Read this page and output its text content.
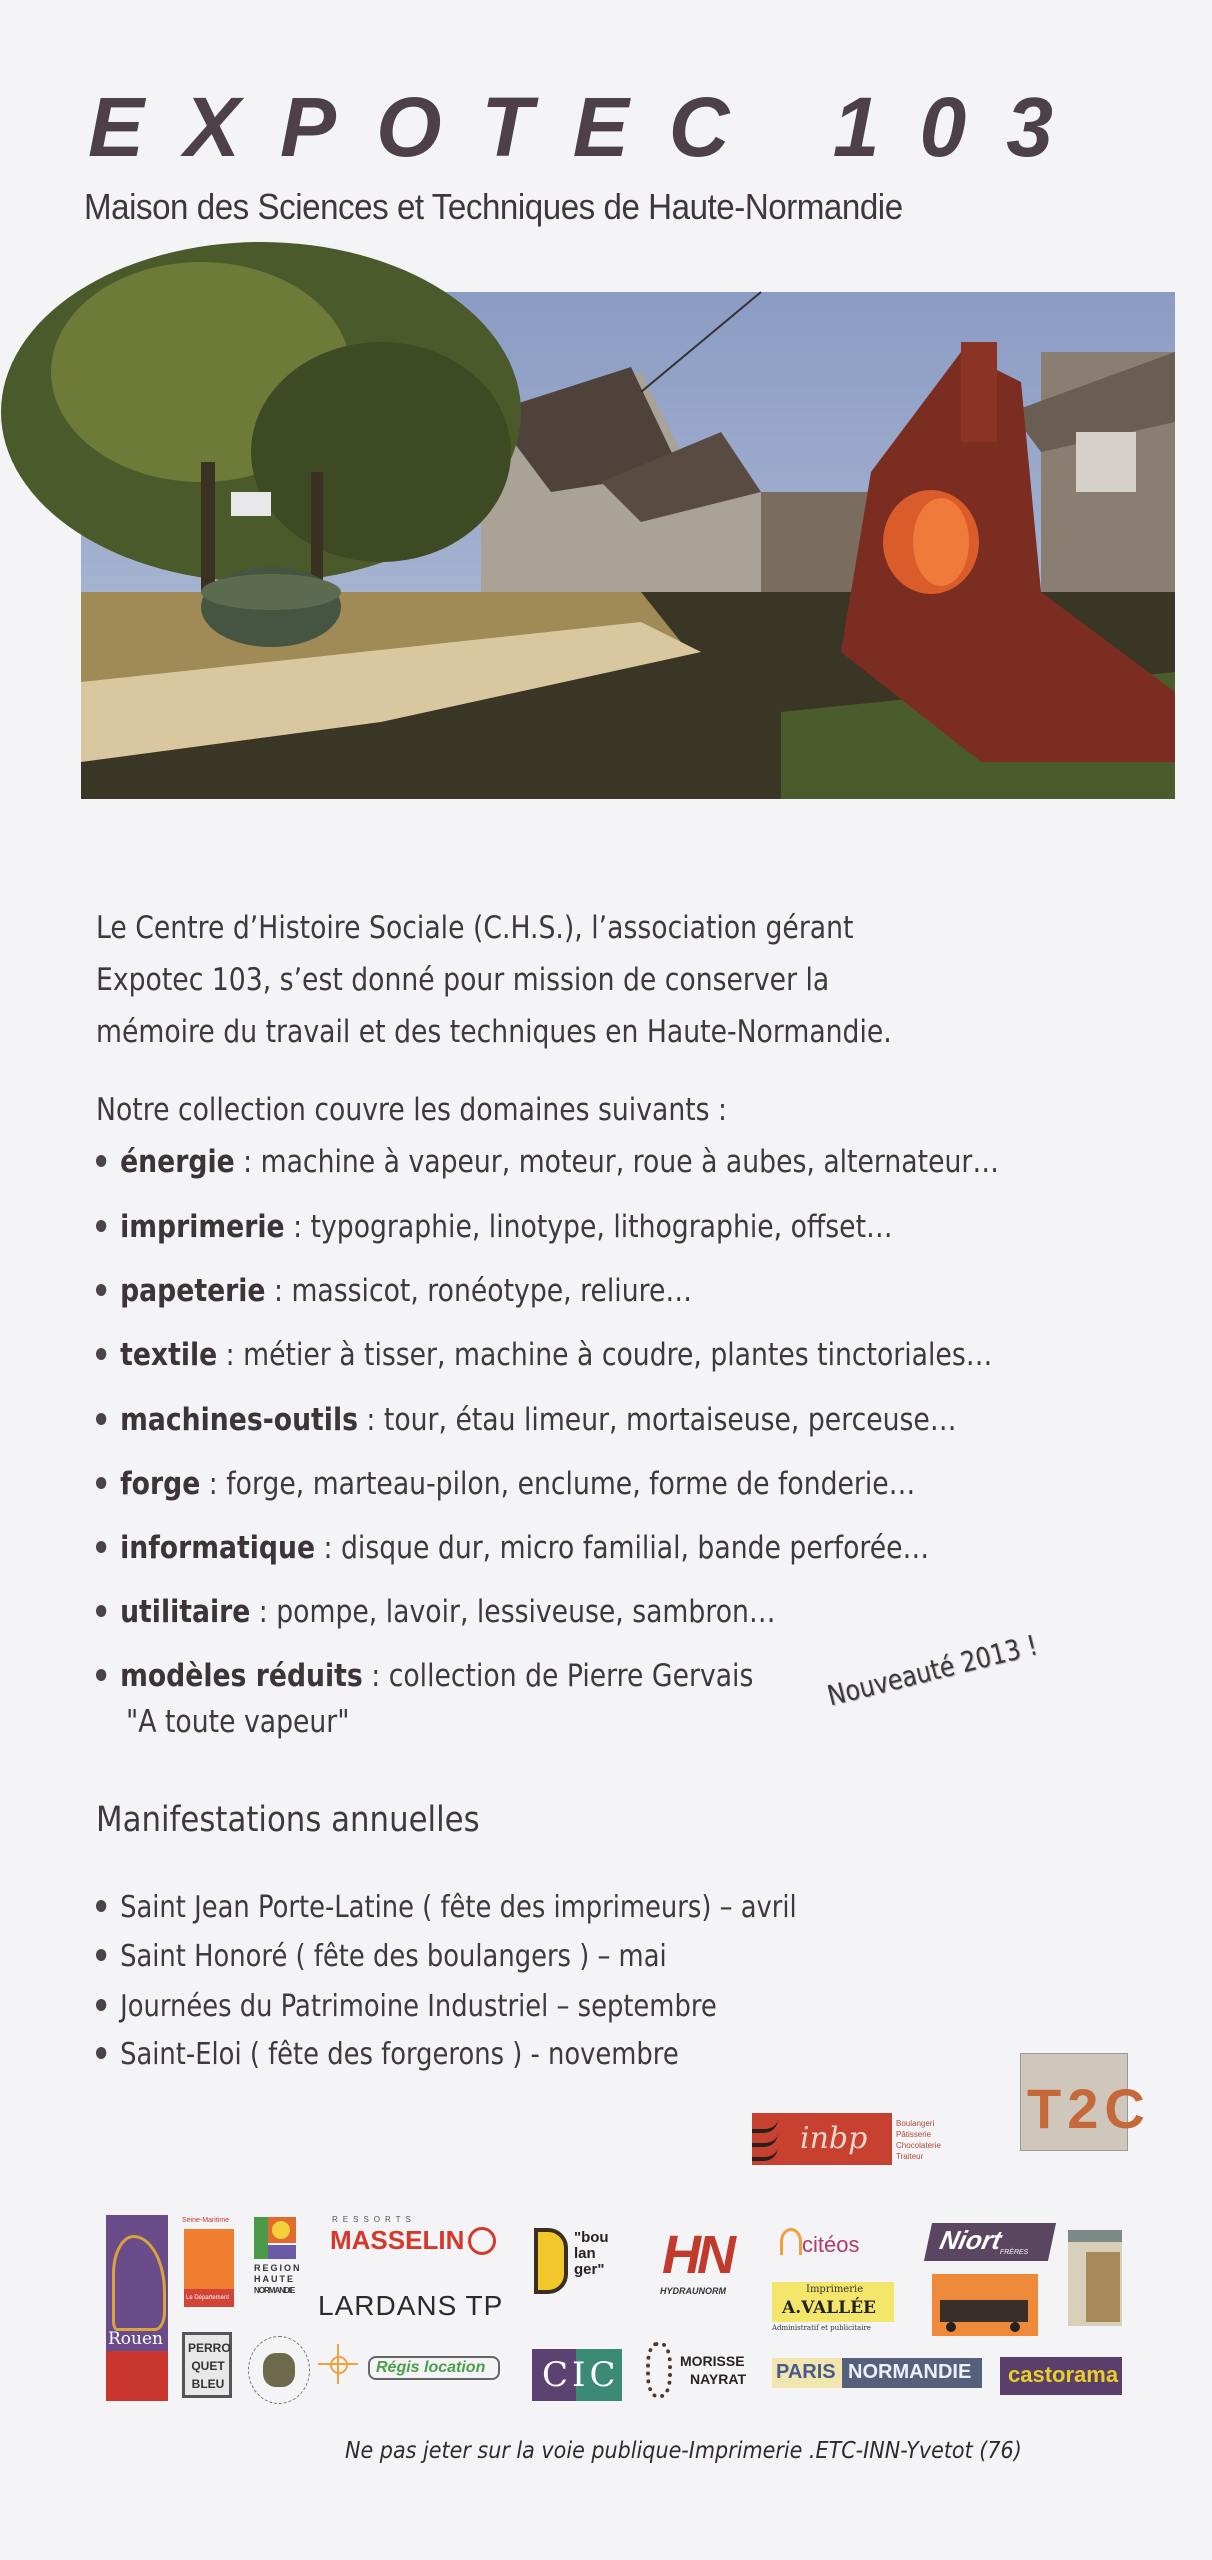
EXPOTEC 103
Maison des Sciences et Techniques de Haute-Normandie
Le Centre d’Histoire Sociale (C.H.S.), l’association gérant
Expotec 103, s’est donné pour mission de conserver la
mémoire du travail et des techniques en Haute-Normandie.
Notre collection couvre les domaines suivants :
énergie : machine à vapeur, moteur, roue à aubes, alternateur…
imprimerie : typographie, linotype, lithographie, offset…
papeterie : massicot, ronéotype, reliure…
textile : métier à tisser, machine à coudre, plantes tinctoriales…
machines-outils : tour, étau limeur, mortaiseuse, perceuse…
forge : forge, marteau-pilon, enclume, forme de fonderie…
informatique : disque dur, micro familial, bande perforée…
utilitaire : pompe, lavoir, lessiveuse, sambron…
modèles réduits : collection de Pierre Gervais
"A toute vapeur"
Nouveauté 2013 !
Manifestations annuelles
Saint Jean Porte-Latine ( fête des imprimeurs) – avril
Saint Honoré ( fête des boulangers ) – mai
Journées du Patrimoine Industriel – septembre
Saint-Eloi ( fête des forgerons ) - novembre
inbp	Boulangeri
Pâtisserie
Chocolaterie
Traiteur
T2C
Rouen
Seine-Maritime
Le Département
REGION
HAUTE
NORMANDIE
RESSORTS
MASSELIN
LARDANS TP
PERRO
QUET
BLEU
Régis location
"bou
lan
ger" HN
HYDRAUNORM
citéos
Imprimerie
A.VALLÉE
Administratif et publicitaire
Niort
FRÈRES
CIC	MORISSE
NAYRAT PARIS NORMANDIE castorama
Ne pas jeter sur la voie publique-Imprimerie .ETC-INN-Yvetot (76)
